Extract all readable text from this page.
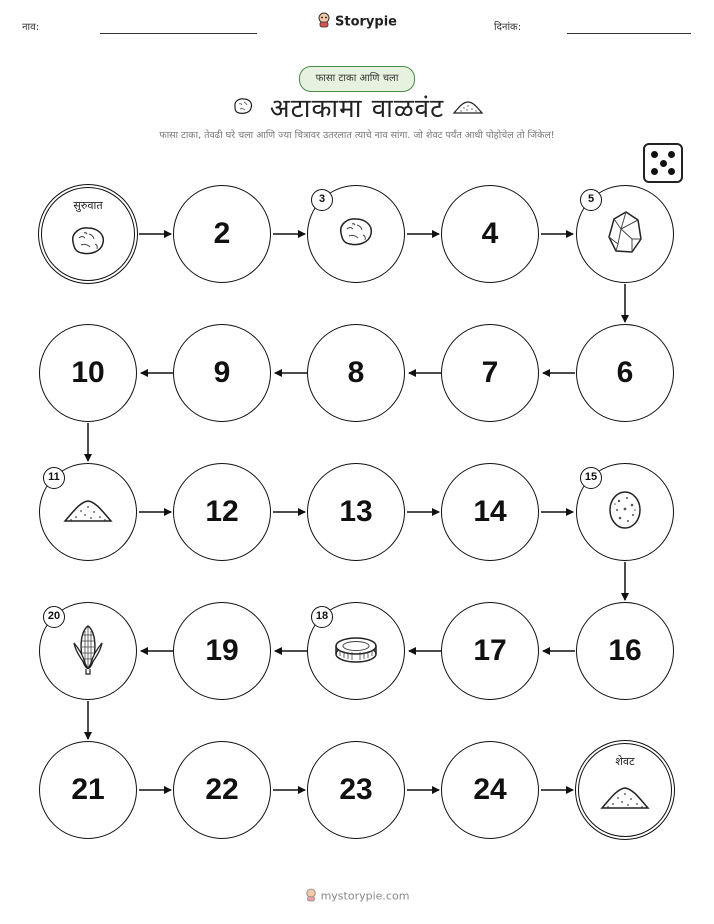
नाव:	Storypie	दिनांक:
फासा टाका आणि चला
अटाकामा वाळवंट
फासा टाका, तेवढी घरे चला आणि ज्या चित्रावर उतरलात त्याचे नाव सांगा. जो शेवट पर्यंत आधी पोहोचेल तो जिंकेल!
सुरुवात
2
3
4
5
6
7
8
9
10
11
12	13	14
15
16
17
18
19
20
21	22	23	24
शेवट
mystorypie.com
